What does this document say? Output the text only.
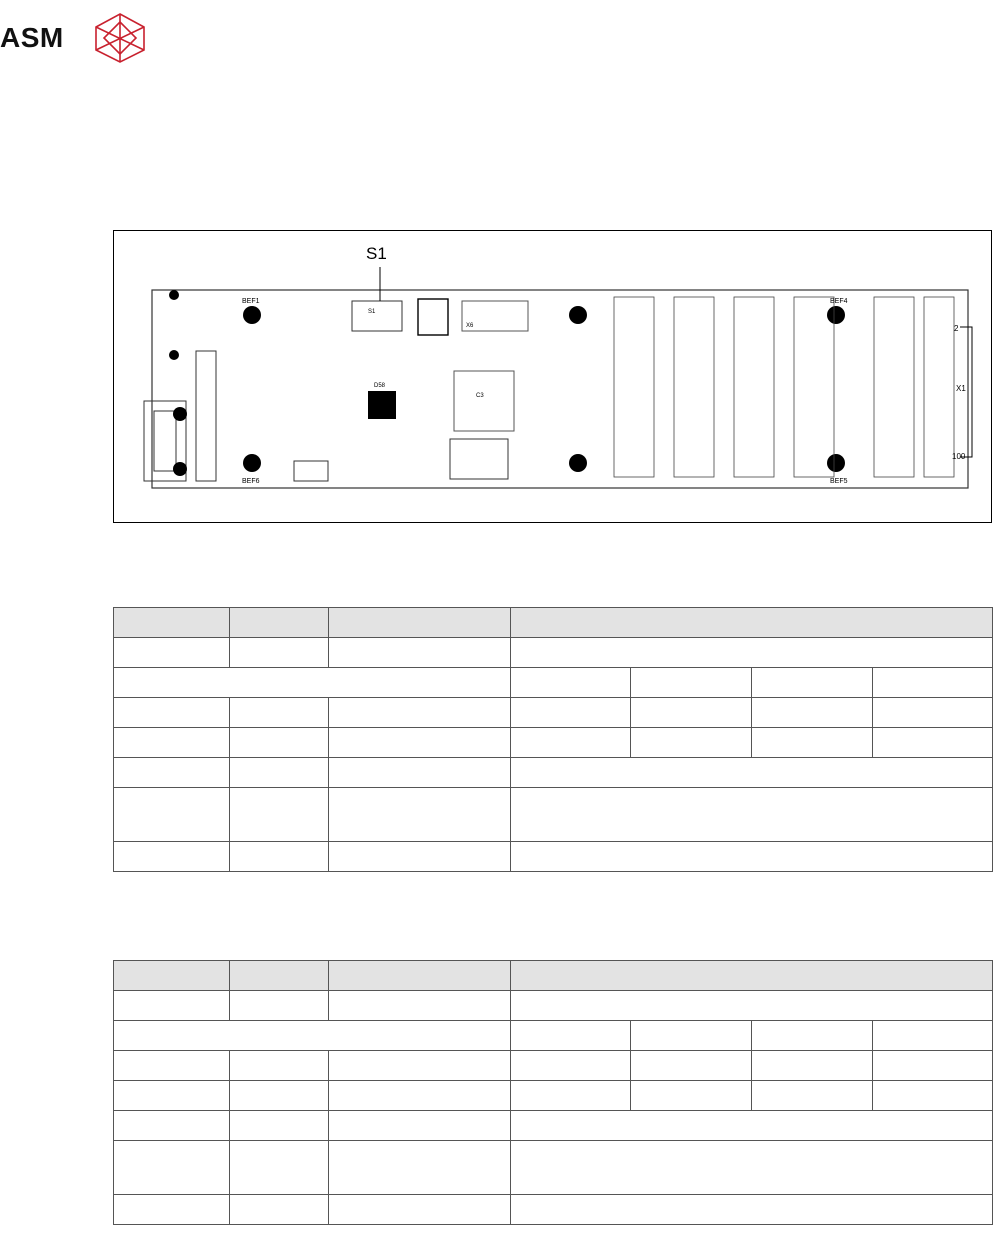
ASM
2
X1
100
BEF1	BEF4
BEF5
BEF6
S1
X6
C3
D58
S1
